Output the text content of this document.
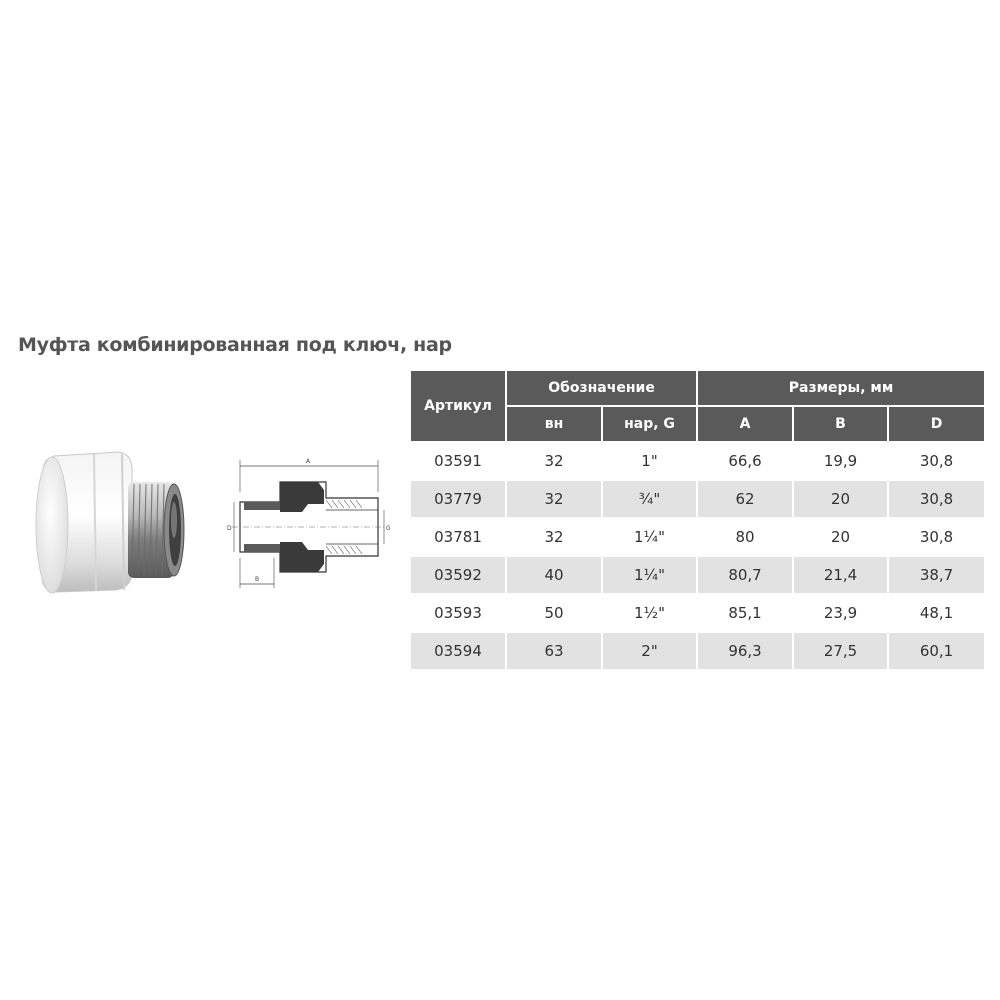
Муфта комбинированная под ключ, нар
A
D	G
B
Артикул	Обозначение		Размеры, мм		
	вн	нар, G	A	B	D
03591	32	1"	66,6	19,9	30,8
03779	32	¾"	62	20	30,8
03781	32	1¼"	80	20	30,8
03592	40	1¼"	80,7	21,4	38,7
03593	50	1½"	85,1	23,9	48,1
03594	63	2"	96,3	27,5	60,1
